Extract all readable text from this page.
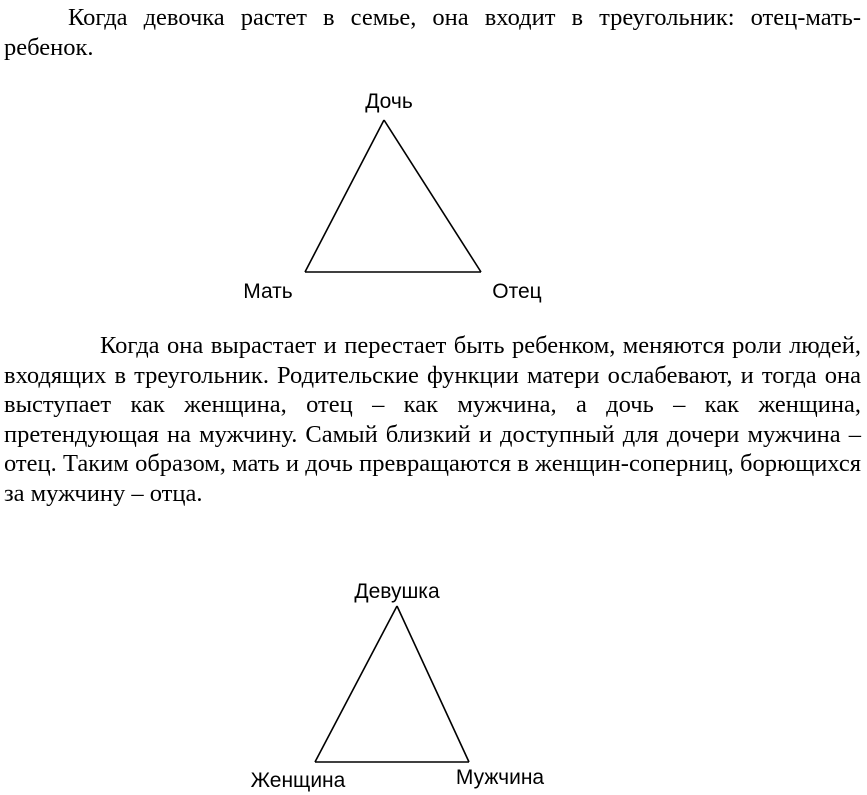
Когда девочка растет в семье, она входит в треугольник: отец-мать-ребенок.

Дочь
Мать	Отец

Когда она вырастает и перестает быть ребенком, меняются роли людей, входящих в треугольник. Родительские функции матери ослабевают, и тогда она выступает как женщина, отец – как мужчина, а дочь – как женщина, претендующая на мужчину. Самый близкий и доступный для дочери мужчина – отец. Таким образом, мать и дочь превращаются в женщин-соперниц, борющихся за мужчину – отца.

Девушка
Женщина	Мужчина
